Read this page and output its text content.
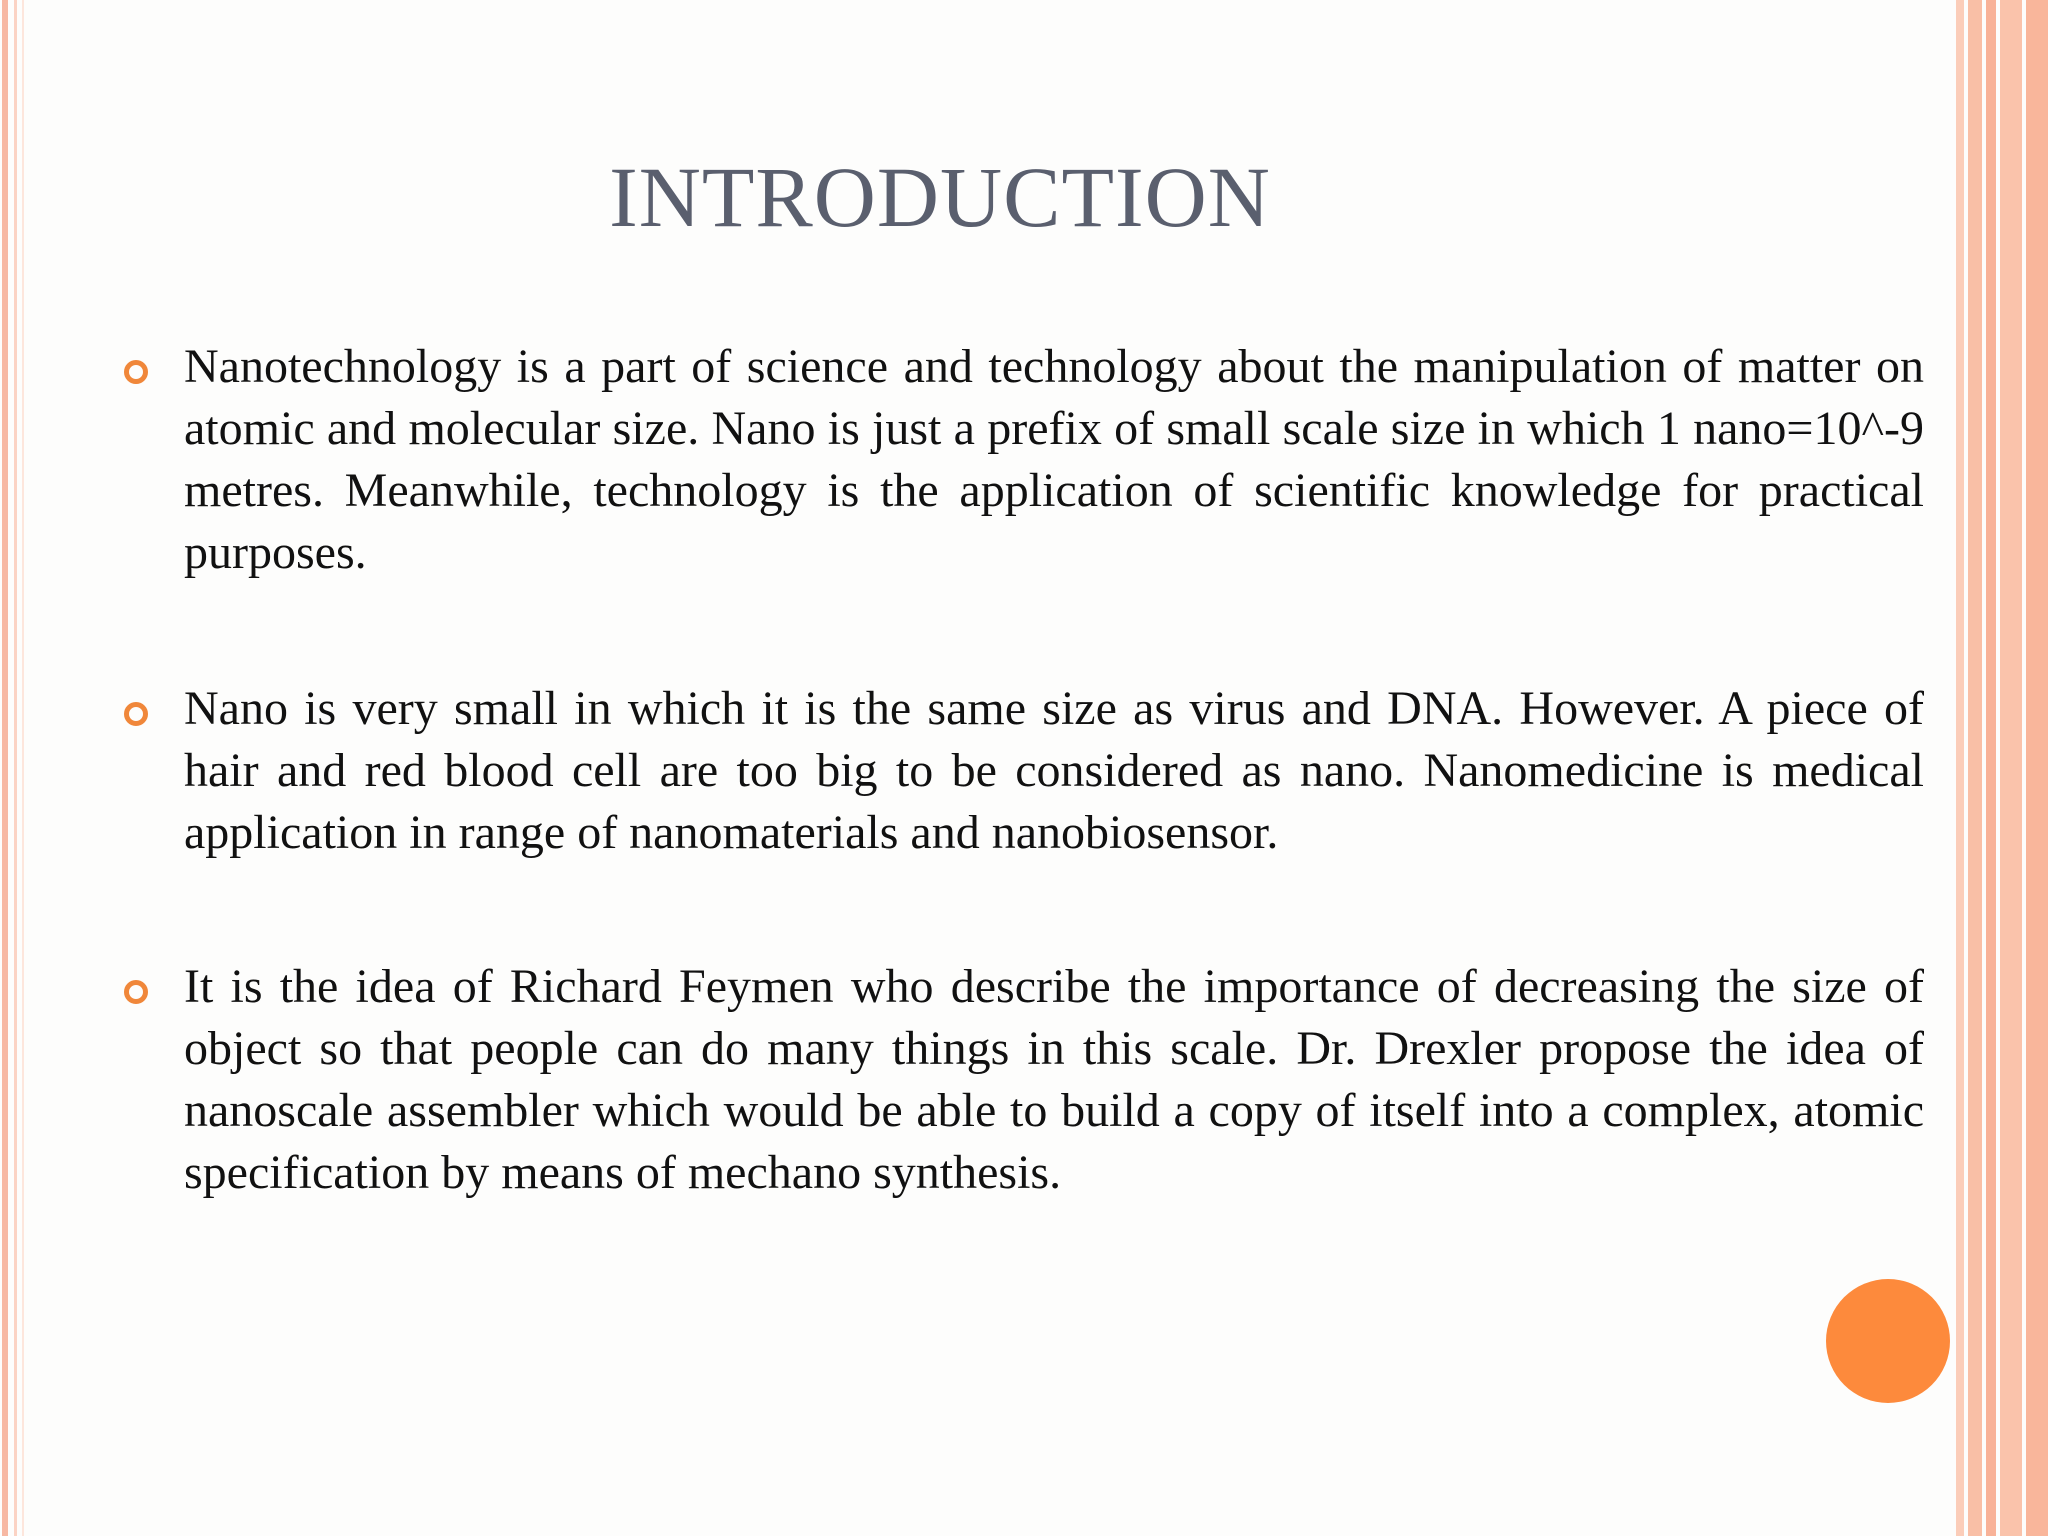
INTRODUCTION
Nanotechnology is a part of science and technology about the manipulation of matter on atomic and molecular size. Nano is just a prefix of small scale size in which 1 nano=10^-9 metres. Meanwhile, technology is the application of scientific knowledge for practical purposes.
Nano is very small in which it is the same size as virus and DNA. However. A piece of hair and red blood cell are too big to be considered as nano. Nanomedicine is medical application in range of nanomaterials and nanobiosensor.
It is the idea of Richard Feymen who describe the importance of decreasing the size of object so that people can do many things in this scale. Dr. Drexler propose the idea of nanoscale assembler which would be able to build a copy of itself into a complex, atomic specification by means of mechano synthesis.
